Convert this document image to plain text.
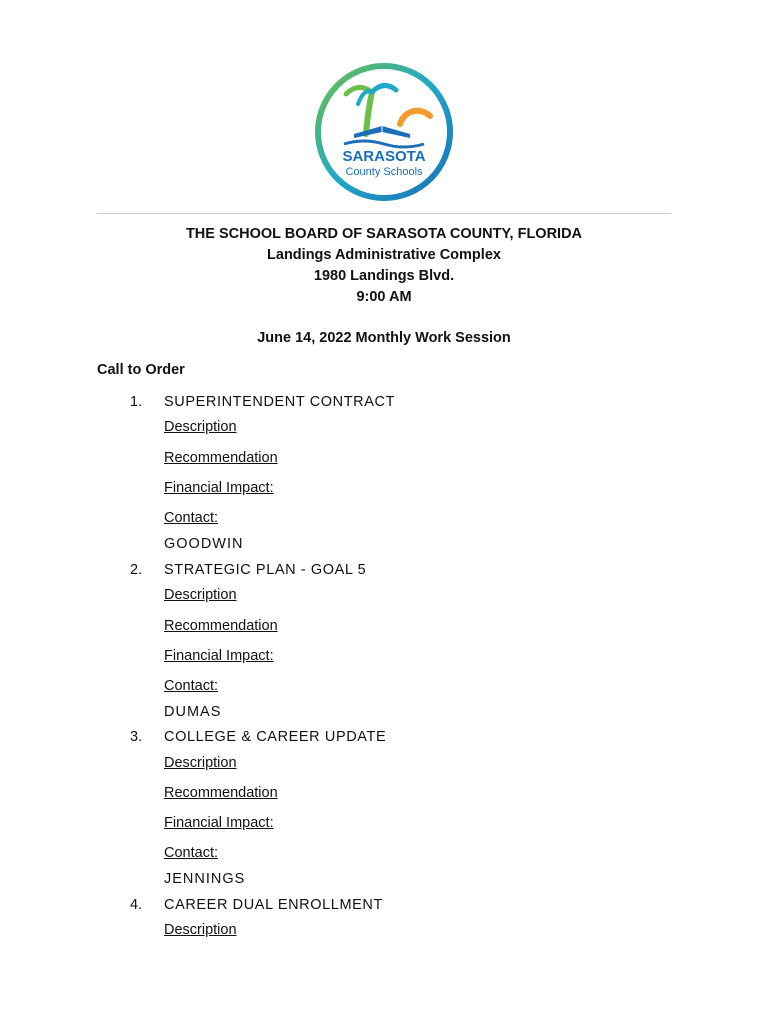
SARASOTA
County Schools
THE SCHOOL BOARD OF SARASOTA COUNTY, FLORIDA
Landings Administrative Complex
1980 Landings Blvd.
9:00 AM
June 14, 2022 Monthly Work Session
Call to Order
1.	SUPERINTENDENT CONTRACT
Description
Recommendation
Financial Impact:
Contact:
GOODWIN
2.	STRATEGIC PLAN - GOAL 5
Description
Recommendation
Financial Impact:
Contact:
DUMAS
3.	COLLEGE & CAREER UPDATE
Description
Recommendation
Financial Impact:
Contact:
JENNINGS
4.	CAREER DUAL ENROLLMENT
Description
